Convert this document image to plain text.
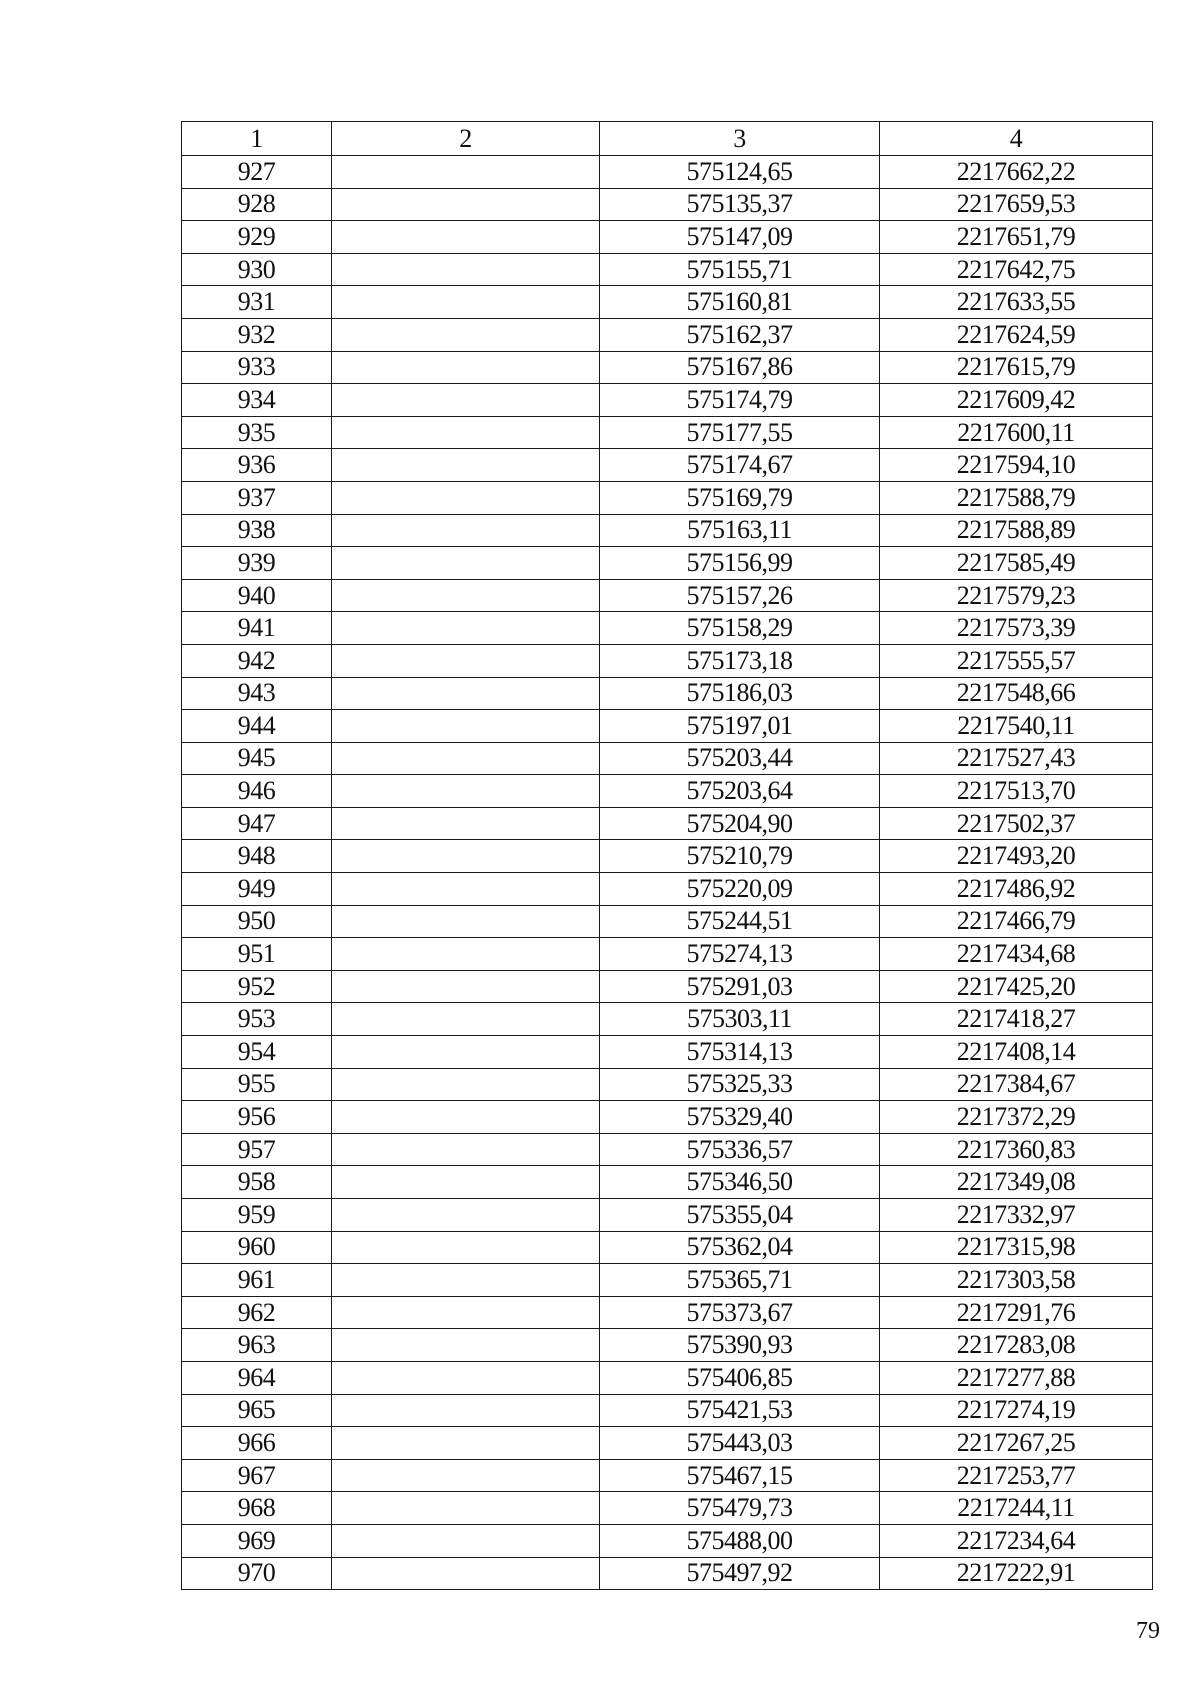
1	2	3	4
927		575124,65	2217662,22
928		575135,37	2217659,53
929		575147,09	2217651,79
930		575155,71	2217642,75
931		575160,81	2217633,55
932		575162,37	2217624,59
933		575167,86	2217615,79
934		575174,79	2217609,42
935		575177,55	2217600,11
936		575174,67	2217594,10
937		575169,79	2217588,79
938		575163,11	2217588,89
939		575156,99	2217585,49
940		575157,26	2217579,23
941		575158,29	2217573,39
942		575173,18	2217555,57
943		575186,03	2217548,66
944		575197,01	2217540,11
945		575203,44	2217527,43
946		575203,64	2217513,70
947		575204,90	2217502,37
948		575210,79	2217493,20
949		575220,09	2217486,92
950		575244,51	2217466,79
951		575274,13	2217434,68
952		575291,03	2217425,20
953		575303,11	2217418,27
954		575314,13	2217408,14
955		575325,33	2217384,67
956		575329,40	2217372,29
957		575336,57	2217360,83
958		575346,50	2217349,08
959		575355,04	2217332,97
960		575362,04	2217315,98
961		575365,71	2217303,58
962		575373,67	2217291,76
963		575390,93	2217283,08
964		575406,85	2217277,88
965		575421,53	2217274,19
966		575443,03	2217267,25
967		575467,15	2217253,77
968		575479,73	2217244,11
969		575488,00	2217234,64
970		575497,92	2217222,91
79
